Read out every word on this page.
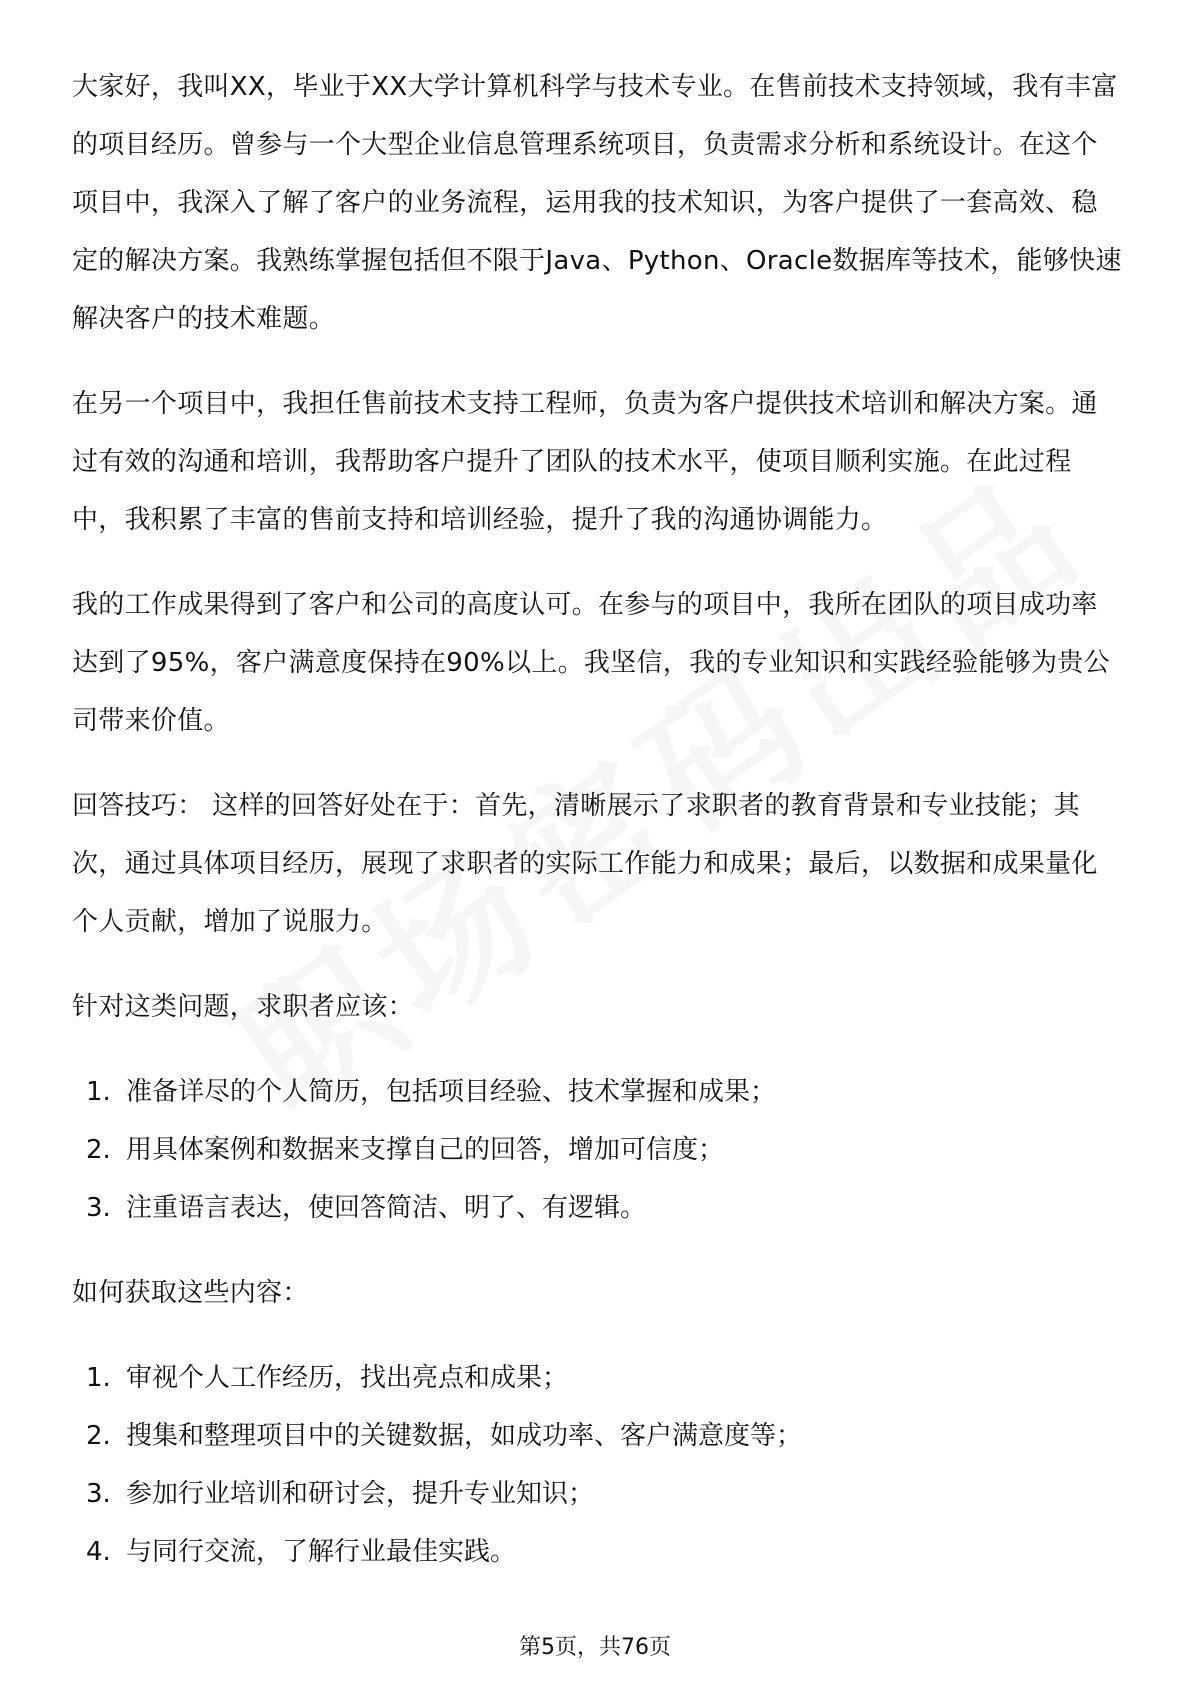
大家好，我叫XX，毕业于XX大学计算机科学与技术专业。在售前技术支持领域，我有丰富的项目经历。曾参与一个大型企业信息管理系统项目，负责需求分析和系统设计。在这个项目中，我深入了解了客户的业务流程，运用我的技术知识，为客户提供了一套高效、稳定的解决方案。我熟练掌握包括但不限于Java、Python、Oracle数据库等技术，能够快速解决客户的技术难题。

在另一个项目中，我担任售前技术支持工程师，负责为客户提供技术培训和解决方案。通过有效的沟通和培训，我帮助客户提升了团队的技术水平，使项目顺利实施。在此过程中，我积累了丰富的售前支持和培训经验，提升了我的沟通协调能力。

我的工作成果得到了客户和公司的高度认可。在参与的项目中，我所在团队的项目成功率达到了95%，客户满意度保持在90%以上。我坚信，我的专业知识和实践经验能够为贵公司带来价值。

回答技巧： 这样的回答好处在于：首先，清晰展示了求职者的教育背景和专业技能；其次，通过具体项目经历，展现了求职者的实际工作能力和成果；最后，以数据和成果量化个人贡献，增加了说服力。

针对这类问题，求职者应该：

1. 准备详尽的个人简历，包括项目经验、技术掌握和成果；
2. 用具体案例和数据来支撑自己的回答，增加可信度；
3. 注重语言表达，使回答简洁、明了、有逻辑。

如何获取这些内容：

1. 审视个人工作经历，找出亮点和成果；
2. 搜集和整理项目中的关键数据，如成功率、客户满意度等；
3. 参加行业培训和研讨会，提升专业知识；
4. 与同行交流，了解行业最佳实践。
第5页，共76页
